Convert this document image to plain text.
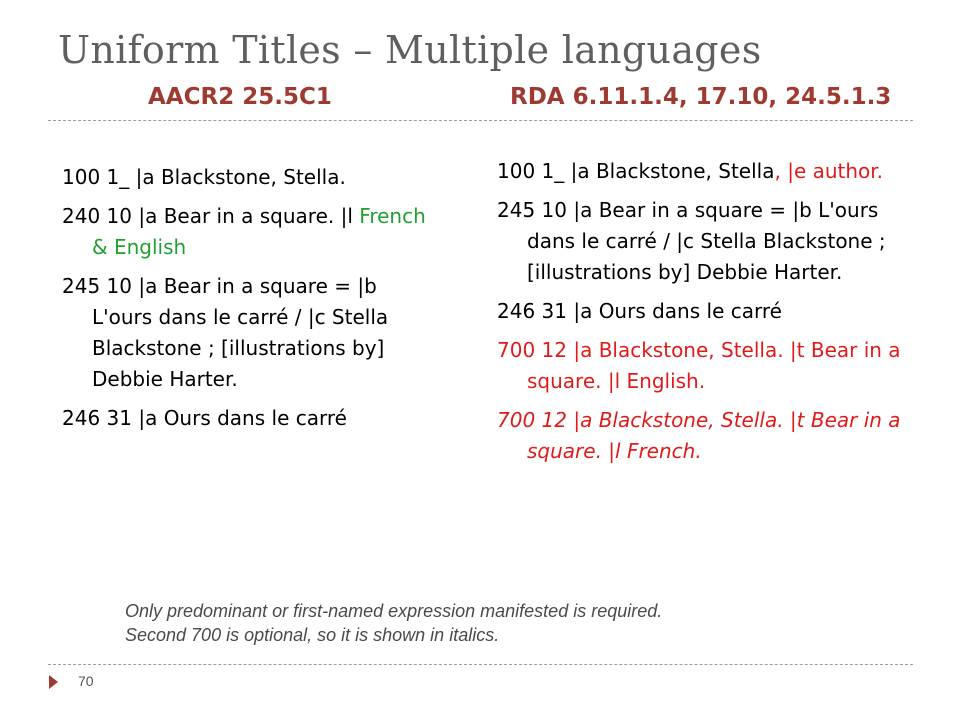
Uniform Titles – Multiple languages
AACR2 25.5C1	RDA 6.11.1.4, 17.10, 24.5.1.3
100 1_ |a Blackstone, Stella.
240 10 |a Bear in a square. |l French & English
245 10 |a Bear in a square = |b L'ours dans le carré / |c Stella Blackstone ; [illustrations by] Debbie Harter.
246 31 |a Ours dans le carré
100 1_ |a Blackstone, Stella, |e author.
245 10 |a Bear in a square = |b L'ours dans le carré / |c Stella Blackstone ; [illustrations by] Debbie Harter.
246 31 |a Ours dans le carré
700 12 |a Blackstone, Stella. |t Bear in a square. |l English.
700 12 |a Blackstone, Stella. |t Bear in a square. |l French.
Only predominant or first-named expression manifested is required.
Second 700 is optional, so it is shown in italics.
70
